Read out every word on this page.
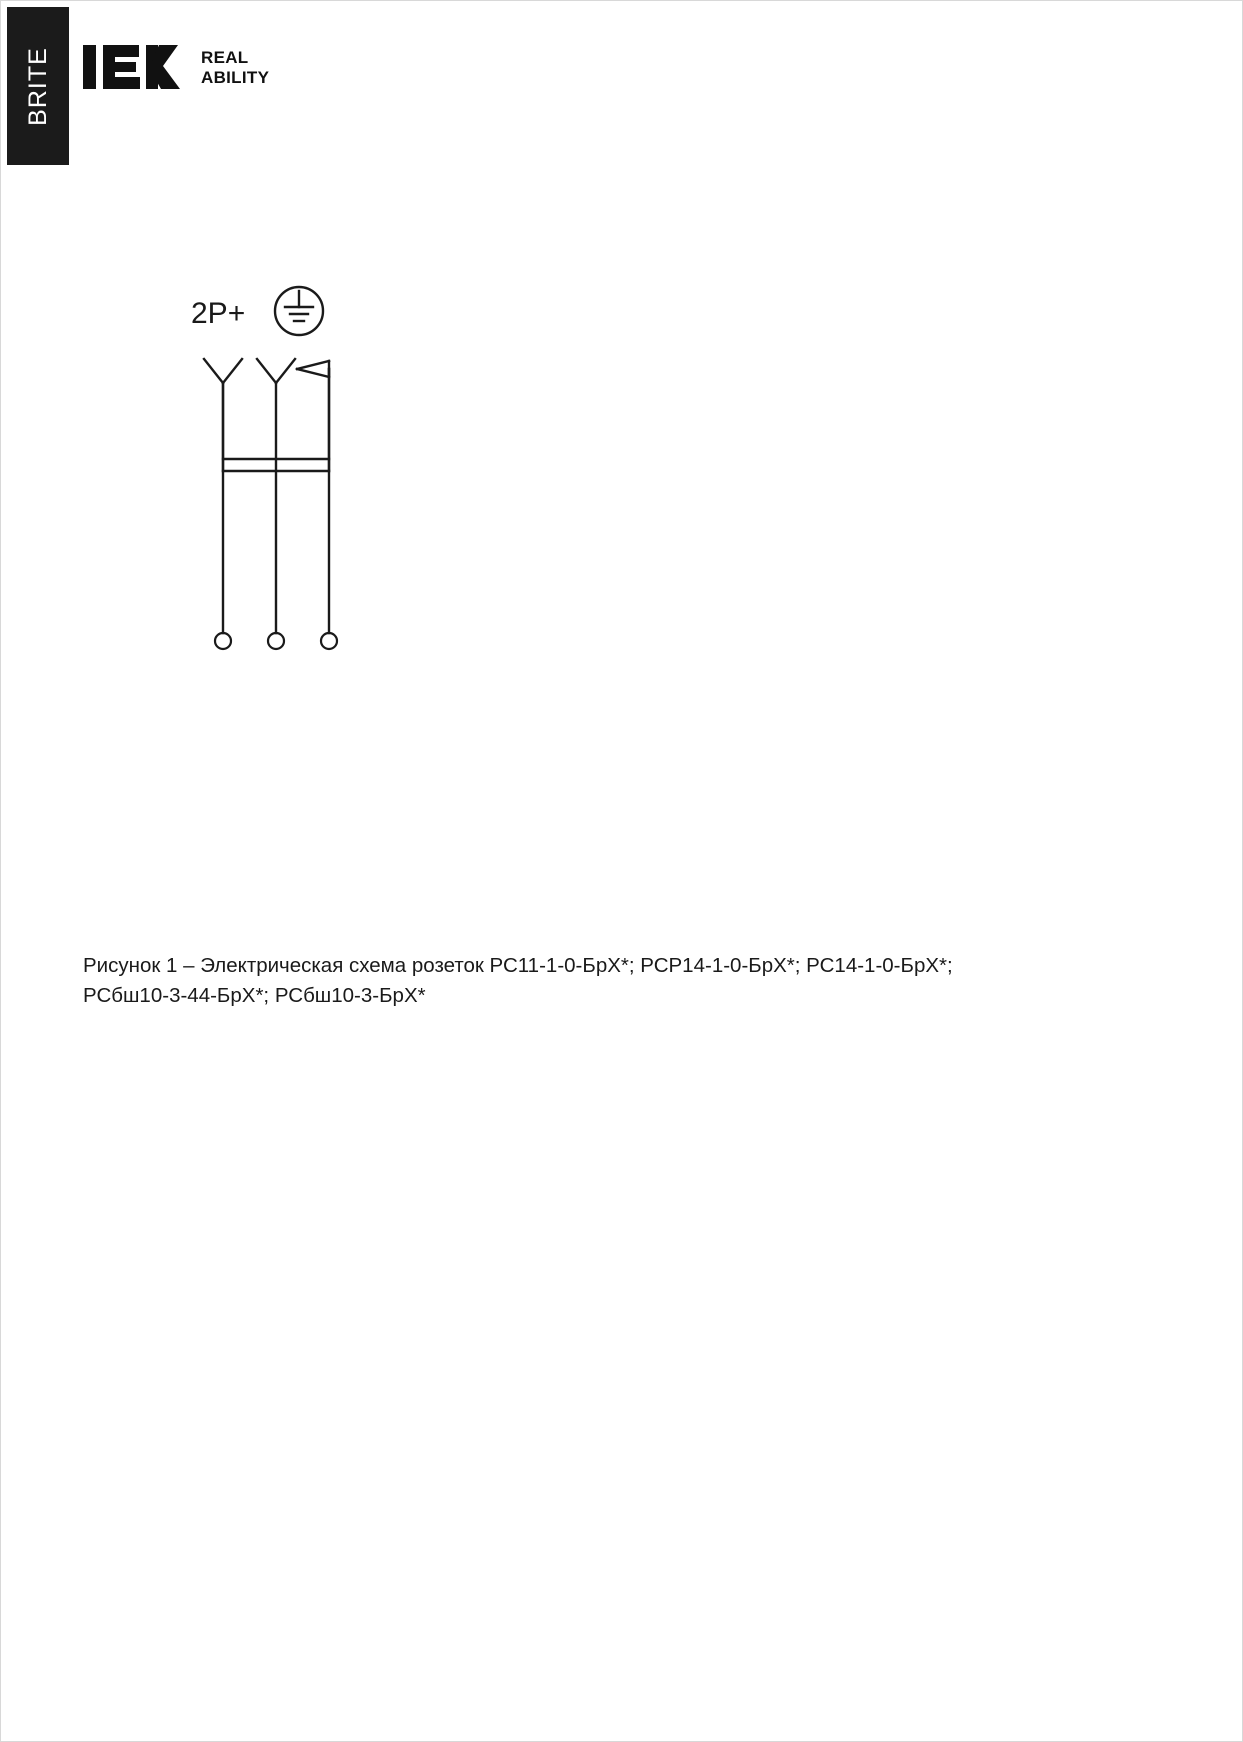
BRITE	REAL
ABILITY
2P+
Рисунок 1 – Электрическая схема розеток РС11-1-0-БрХ*; РСР14-1-0-БрХ*; РС14-1-0-БрХ*;
РСбш10-3-44-БрХ*; РСбш10-3-БрХ*
